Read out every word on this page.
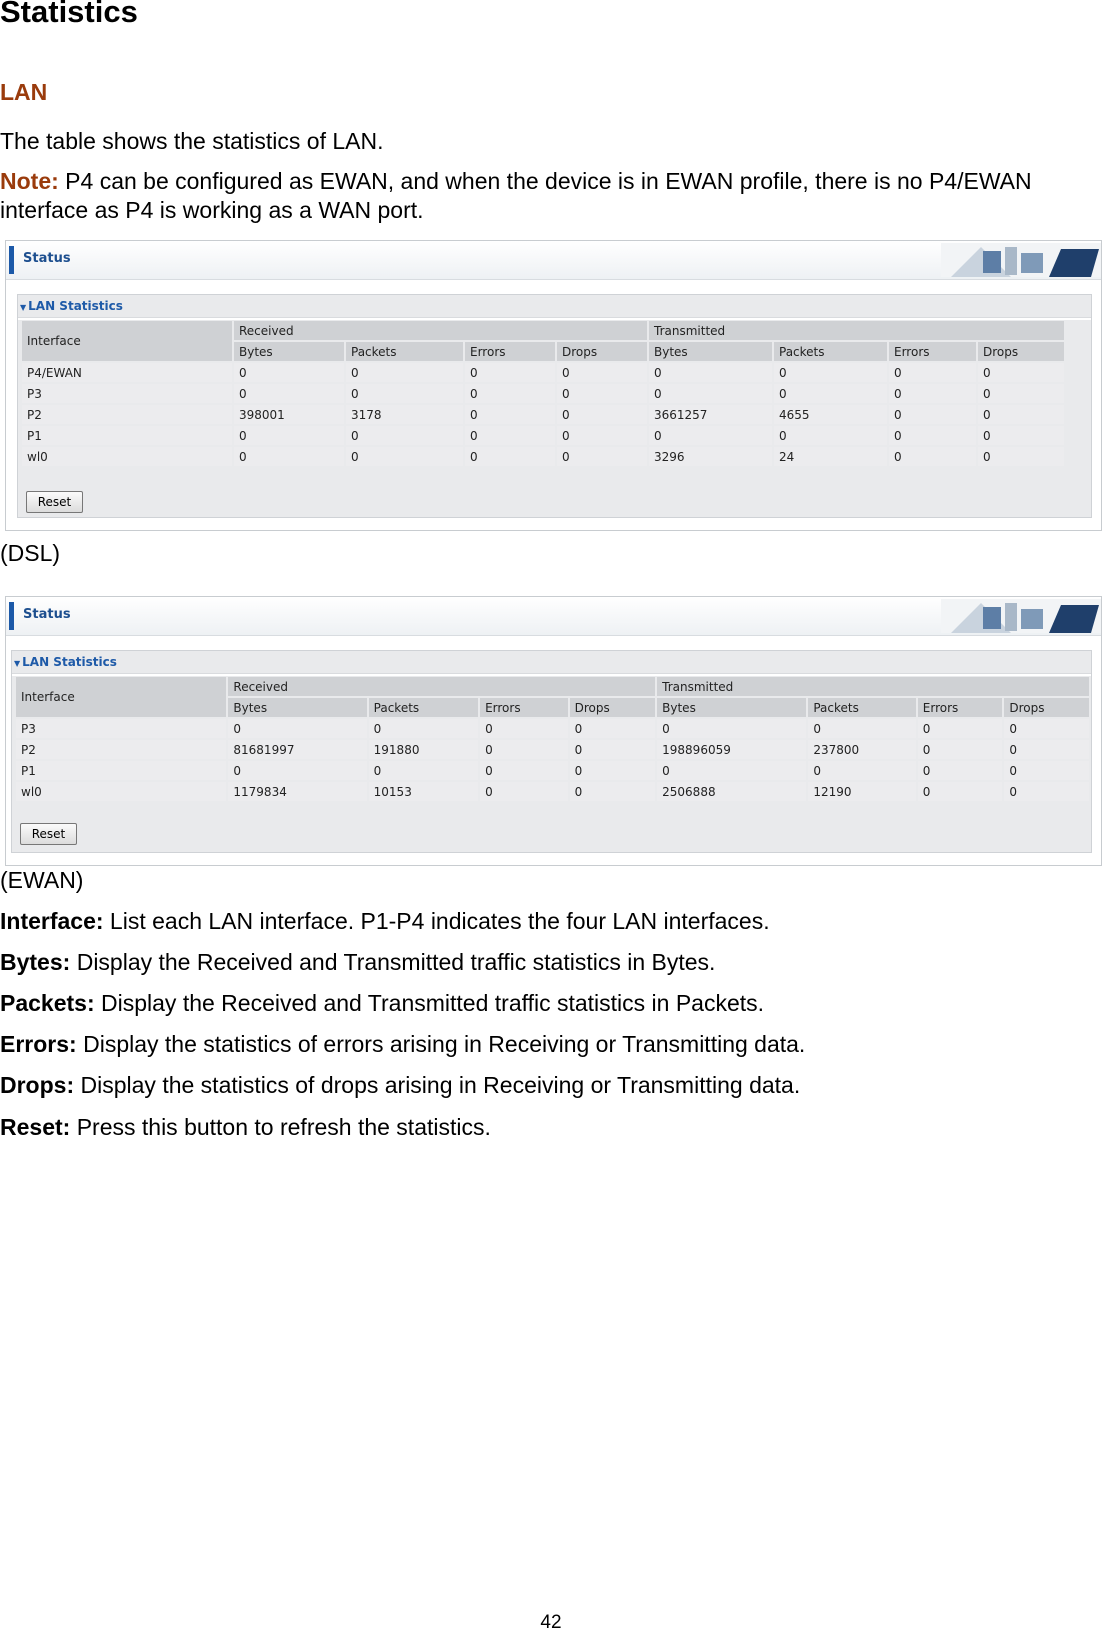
Statistics
LAN
The table shows the statistics of LAN.
Note: P4 can be configured as EWAN, and when the device is in EWAN profile, there is no P4/EWAN interface as P4 is working as a WAN port.
Status
▼ LAN Statistics
Interface	Received				Transmitted			
	Bytes	Packets	Errors	Drops	Bytes	Packets	Errors	Drops
P4/EWAN	0	0	0	0	0	0	0	0
P3	0	0	0	0	0	0	0	0
P2	398001	3178	0	0	3661257	4655	0	0
P1	0	0	0	0	0	0	0	0
wl0	0	0	0	0	3296	24	0	0
Reset
(DSL)
Status
▼ LAN Statistics
Interface	Received				Transmitted			
	Bytes	Packets	Errors	Drops	Bytes	Packets	Errors	Drops
P3	0	0	0	0	0	0	0	0
P2	81681997	191880	0	0	198896059	237800	0	0
P1	0	0	0	0	0	0	0	0
wl0	1179834	10153	0	0	2506888	12190	0	0
Reset
(EWAN)
Interface: List each LAN interface. P1-P4 indicates the four LAN interfaces.
Bytes: Display the Received and Transmitted traffic statistics in Bytes.
Packets: Display the Received and Transmitted traffic statistics in Packets.
Errors: Display the statistics of errors arising in Receiving or Transmitting data.
Drops: Display the statistics of drops arising in Receiving or Transmitting data.
Reset: Press this button to refresh the statistics.
42
